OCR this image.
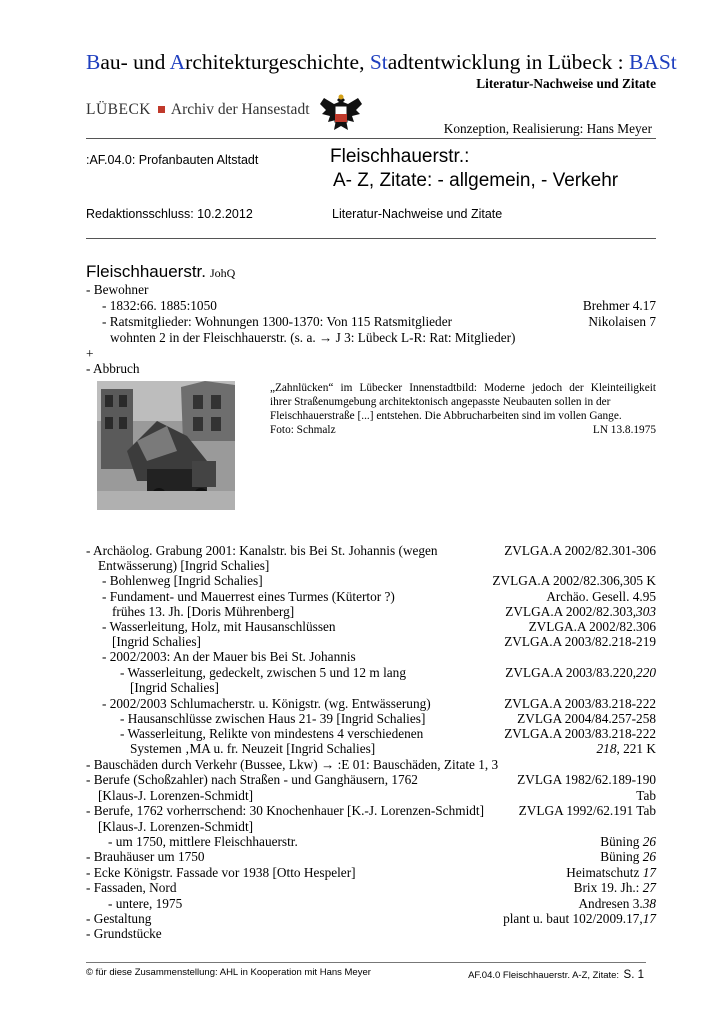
Bau- und Architekturgeschichte, Stadtentwicklung in Lübeck : BASt
Literatur-Nachweise und Zitate
LÜBECK Archiv der Hansestadt
Konzeption, Realisierung: Hans Meyer
:AF.04.0: Profanbauten Altstadt	Fleischhauerstr.:
A- Z, Zitate: - allgemein, - Verkehr
Redaktionsschluss: 10.2.2012	Literatur-Nachweise und Zitate
Fleischhauerstr. JohQ
- Bewohner
- 1832:66. 1885:1050	Brehmer 4.17
- Ratsmitglieder: Wohnungen 1300-1370: Von 115 Ratsmitglieder	Nikolaisen 7
wohnten 2 in der Fleischhauerstr. (s. a. → J 3: Lübeck L-R: Rat: Mitglieder)
+
- Abbruch
„Zahnlücken“ im Lübecker Innenstadtbild: Moderne jedoch der Kleinteiligkeit
ihrer Straßenumgebung architektonisch angepasste Neubauten sollen in der
Fleischhauerstraße [...] entstehen. Die Abbrucharbeiten sind im vollen Gange.
Foto: Schmalz	LN 13.8.1975
- Archäolog. Grabung 2001: Kanalstr. bis Bei St. Johannis (wegen	ZVLGA.A 2002/82.301-306
Entwässerung) [Ingrid Schalies]
- Bohlenweg [Ingrid Schalies]	ZVLGA.A 2002/82.306,305 K
- Fundament- und Mauerrest eines Turmes (Kütertor ?)	Archäo. Gesell. 4.95
frühes 13. Jh. [Doris Mührenberg]	ZVLGA.A 2002/82.303,303
- Wasserleitung, Holz, mit Hausanschlüssen	ZVLGA.A 2002/82.306
[Ingrid Schalies]	ZVLGA.A 2003/82.218-219
- 2002/2003: An der Mauer bis Bei St. Johannis
- Wasserleitung, gedeckelt, zwischen 5 und 12 m lang	ZVLGA.A 2003/83.220,220
[Ingrid Schalies]
- 2002/2003 Schlumacherstr. u. Königstr. (wg. Entwässerung)	ZVLGA.A 2003/83.218-222
- Hausanschlüsse zwischen Haus 21- 39 [Ingrid Schalies]	ZVLGA 2004/84.257-258
- Wasserleitung, Relikte von mindestens 4 verschiedenen	ZVLGA.A 2003/83.218-222
Systemen ‚MA u. fr. Neuzeit [Ingrid Schalies]	218, 221 K
- Bauschäden durch Verkehr (Bussee, Lkw) → :E 01: Bauschäden, Zitate 1, 3
- Berufe (Schoßzahler) nach Straßen - und Ganghäusern, 1762	ZVLGA 1982/62.189-190
[Klaus-J. Lorenzen-Schmidt]	Tab
- Berufe, 1762 vorherrschend: 30 Knochenhauer [K.-J. Lorenzen-Schmidt]	ZVLGA 1992/62.191 Tab
[Klaus-J. Lorenzen-Schmidt]
- um 1750, mittlere Fleischhauerstr.	Büning 26
- Brauhäuser um 1750	Büning 26
- Ecke Königstr. Fassade vor 1938 [Otto Hespeler]	Heimatschutz 17
- Fassaden, Nord	Brix 19. Jh.: 27
- untere, 1975	Andresen 3.38
- Gestaltung	plant u. baut 102/2009.17,17
- Grundstücke
© für diese Zusammenstellung: AHL in Kooperation mit Hans Meyer	AF.04.0 Fleischhauerstr. A-Z, Zitate: S. 1
